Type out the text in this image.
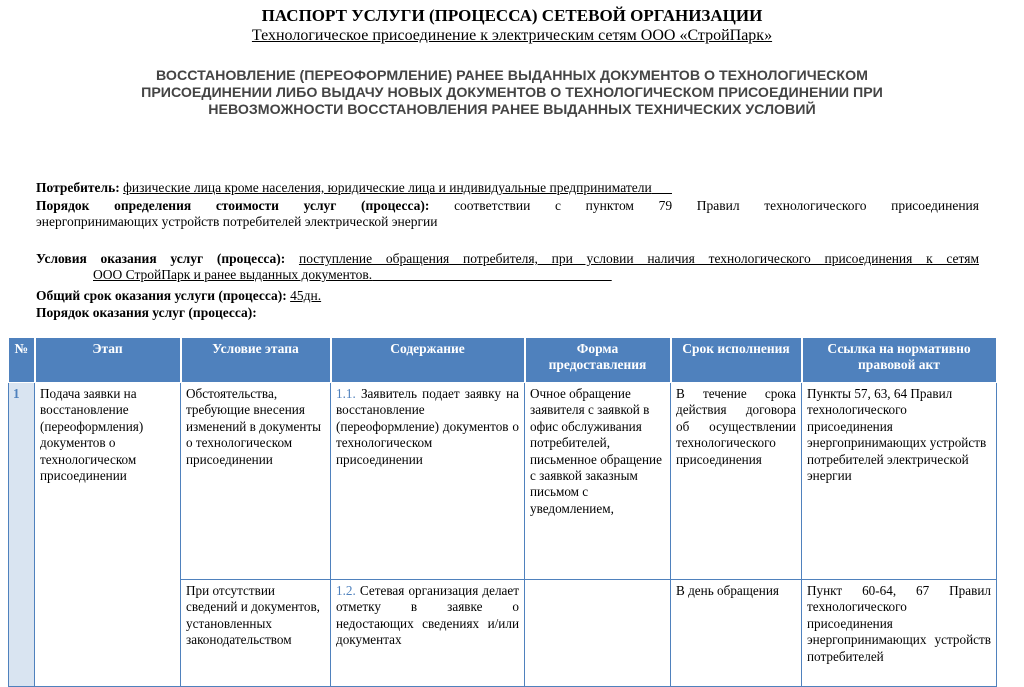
ПАСПОРТ УСЛУГИ (ПРОЦЕССА) СЕТЕВОЙ ОРГАНИЗАЦИИ
Технологическое присоединение к электрическим сетям ООО «СтройПарк»
ВОССТАНОВЛЕНИЕ (ПЕРЕОФОРМЛЕНИЕ) РАНЕЕ ВЫДАННЫХ ДОКУМЕНТОВ О ТЕХНОЛОГИЧЕСКОМ
ПРИСОЕДИНЕНИИ ЛИБО ВЫДАЧУ НОВЫХ ДОКУМЕНТОВ О ТЕХНОЛОГИЧЕСКОМ ПРИСОЕДИНЕНИИ ПРИ
НЕВОЗМОЖНОСТИ ВОССТАНОВЛЕНИЯ РАНЕЕ ВЫДАННЫХ ТЕХНИЧЕСКИХ УСЛОВИЙ
Потребитель: физические лица кроме населения, юридические лица и индивидуальные предприниматели
Порядок определения стоимости услуг (процесса): соответствии с пунктом 79 Правил технологического присоединения
энергопринимающих устройств потребителей электрической энергии
Условия оказания услуг (процесса): поступление обращения потребителя, при условии наличия технологического присоединения к сетям
ООО СтройПарк и ранее выданных документов.
Общий срок оказания услуги (процесса): 45дн.
Порядок оказания услуг (процесса):
№	Этап	Условие этапа	Содержание	Форма предоставления	Срок исполнения	Ссылка на нормативно правовой акт
1	Подача заявки на восстановление (переоформления) документов о технологическом присоединении	Обстоятельства, требующие внесения изменений в документы о технологическом присоединении	1.1. Заявитель подает заявку на восстановление (переоформление) документов о технологическом присоединении	Очное обращение заявителя с заявкой в офис обслуживания потребителей, письменное обращение с заявкой заказным письмом с уведомлением,	В течение срока действия договора об осуществлении технологического присоединения	Пункты 57, 63, 64 Правил технологического присоединения энергопринимающих устройств потребителей электрической энергии
		При отсутствии сведений и документов, установленных законодательством	1.2. Сетевая организация делает отметку в заявке о недостающих сведениях и/или документах		В день обращения	Пункт 60-64, 67 Правил технологического присоединения энергопринимающих устройств потребителей
